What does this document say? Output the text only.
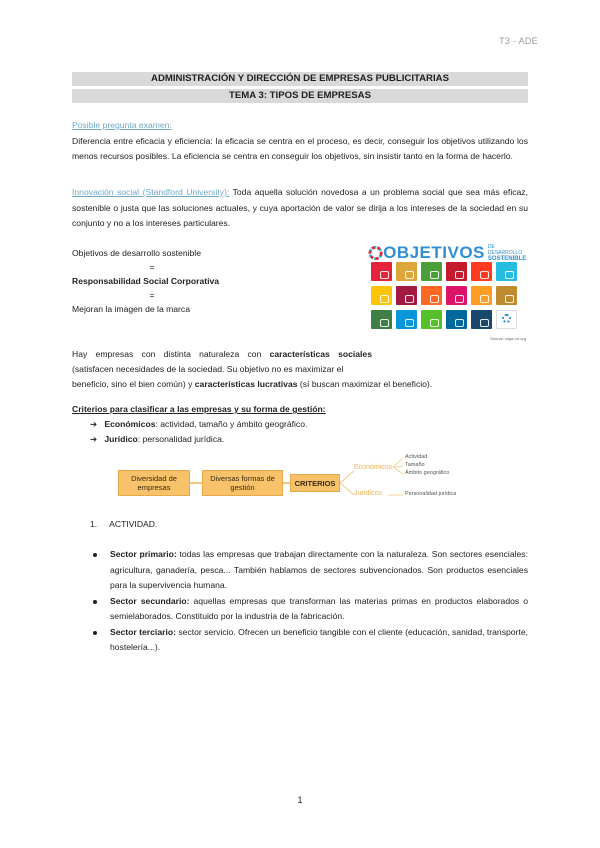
T3 - ADE
ADMINISTRACIÓN Y DIRECCIÓN DE EMPRESAS PUBLICITARIAS
TEMA 3: TIPOS DE EMPRESAS
Posible pregunta examen:
Diferencia entre eficacia y eficiencia: la eficacia se centra en el proceso, es decir, conseguir los objetivos utilizando los menos recursos posibles. La eficiencia se centra en conseguir los objetivos, sin insistir tanto en la forma de hacerlo.
Innovación social (Standford University): Toda aquella solución novedosa a un problema social que sea más eficaz, sostenible o justa que las soluciones actuales, y cuya aportación de valor se dirija a los intereses de la sociedad en su conjunto y no a los intereses particulares.
Objetivos de desarrollo sostenible
=
Responsabilidad Social Corporativa
=
Mejoran la imagen de la marca
OBJETIVOS DE DESARROLLO
SOSTENIBLE
Source: sdgs.un.org
Hay empresas con distinta naturaleza con características sociales
(satisfacen necesidades de la sociedad. Su objetivo no es maximizar el
beneficio, sino el bien común) y características lucrativas (sí buscan maximizar el beneficio).
Criterios para clasificar a las empresas y su forma de gestión:
➔ Económicos: actividad, tamaño y ámbito geográfico.
➔ Jurídico: personalidad jurídica.
Diversidad de empresas
Diversas formas de gestión	CRITERIOS
Económicos
Jurídicos
Actividad
Tamaño
Ámbito geográfico
Personalidad jurídica
1. ACTIVIDAD.
Sector primario: todas las empresas que trabajan directamente con la naturaleza. Son sectores esenciales: agricultura, ganadería, pesca... También hablamos de sectores subvencionados. Son productos esenciales para la supervivencia humana.
Sector secundario: aquellas empresas que transforman las materias primas en productos elaborados o semielaborados. Constituido por la industria de la fabricación.
Sector terciario: sector servicio. Ofrecen un beneficio tangible con el cliente (educación, sanidad, transporte, hostelería...).
1
